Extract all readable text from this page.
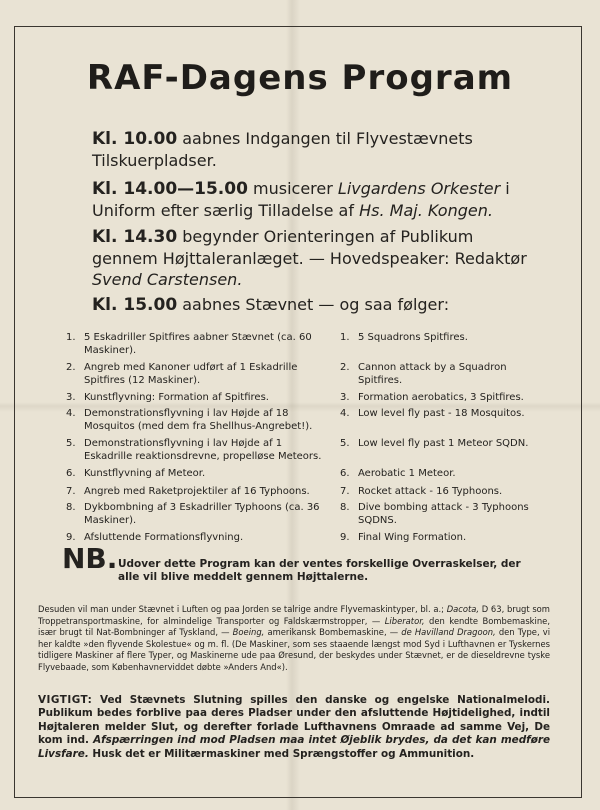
RAF-Dagens Program
Kl. 10.00 aabnes Indgangen til Flyvestævnets Tilskuerpladser.
Kl. 14.00—15.00 musicerer Livgardens Orkester i Uniform efter særlig Tilladelse af Hs. Maj. Kongen.
Kl. 14.30 begynder Orienteringen af Publikum gennem Højttaleranlæget. — Hovedspeaker: Redaktør Svend Carstensen.
Kl. 15.00 aabnes Stævnet — og saa følger:
1. 5 Eskadriller Spitfires aabner Stævnet (ca. 60 Maskiner).
2. Angreb med Kanoner udført af 1 Eskadrille Spitfires (12 Maskiner).
3. Kunstflyvning: Formation af Spitfires.
4. Demonstrationsflyvning i lav Højde af 18 Mosquitos (med dem fra Shellhus-Angrebet!).
5. Demonstrationsflyvning i lav Højde af 1 Eskadrille reaktionsdrevne, propelløse Meteors.
6. Kunstflyvning af Meteor.
7. Angreb med Raketprojektiler af 16 Typhoons.
8. Dykbombning af 3 Eskadriller Typhoons (ca. 36 Maskiner).
9. Afsluttende Formationsflyvning.
1. 5 Squadrons Spitfires.
2. Cannon attack by a Squadron Spitfires.
3. Formation aerobatics, 3 Spitfires.
4. Low level fly past - 18 Mosquitos.
5. Low level fly past 1 Meteor SQDN.
6. Aerobatic 1 Meteor.
7. Rocket attack - 16 Typhoons.
8. Dive bombing attack - 3 Typhoons SQDNS.
9. Final Wing Formation.
NB. Udover dette Program kan der ventes forskellige Overraskelser, der alle vil blive meddelt gennem Højttalerne.
Desuden vil man under Stævnet i Luften og paa Jorden se talrige andre Flyvemaskintyper, bl. a.; Dacota, D 63, brugt som Troppetransportmaskine, for almindelige Transporter og Faldskærmstropper, — Liberator, den kendte Bombemaskine, især brugt til Nat-Bombninger af Tyskland, — Boeing, amerikansk Bombemaskine, — de Havilland Dragoon, den Type, vi her kaldte »den flyvende Skolestue« og m. fl. (De Maskiner, som ses staaende længst mod Syd i Lufthavnen er Tyskernes tidligere Maskiner af flere Typer, og Maskinerne ude paa Øresund, der beskydes under Stævnet, er de dieseldrevne tyske Flyvebaade, som Københavnerviddet døbte »Anders And«).
VIGTIGT: Ved Stævnets Slutning spilles den danske og engelske Nationalmelodi. Publikum bedes forblive paa deres Pladser under den afsluttende Højtidelighed, indtil Højtaleren melder Slut, og derefter forlade Lufthavnens Omraade ad samme Vej, De kom ind. Afspærringen ind mod Pladsen maa intet Øjeblik brydes, da det kan medføre Livsfare. Husk det er Militærmaskiner med Sprængstoffer og Ammunition.
